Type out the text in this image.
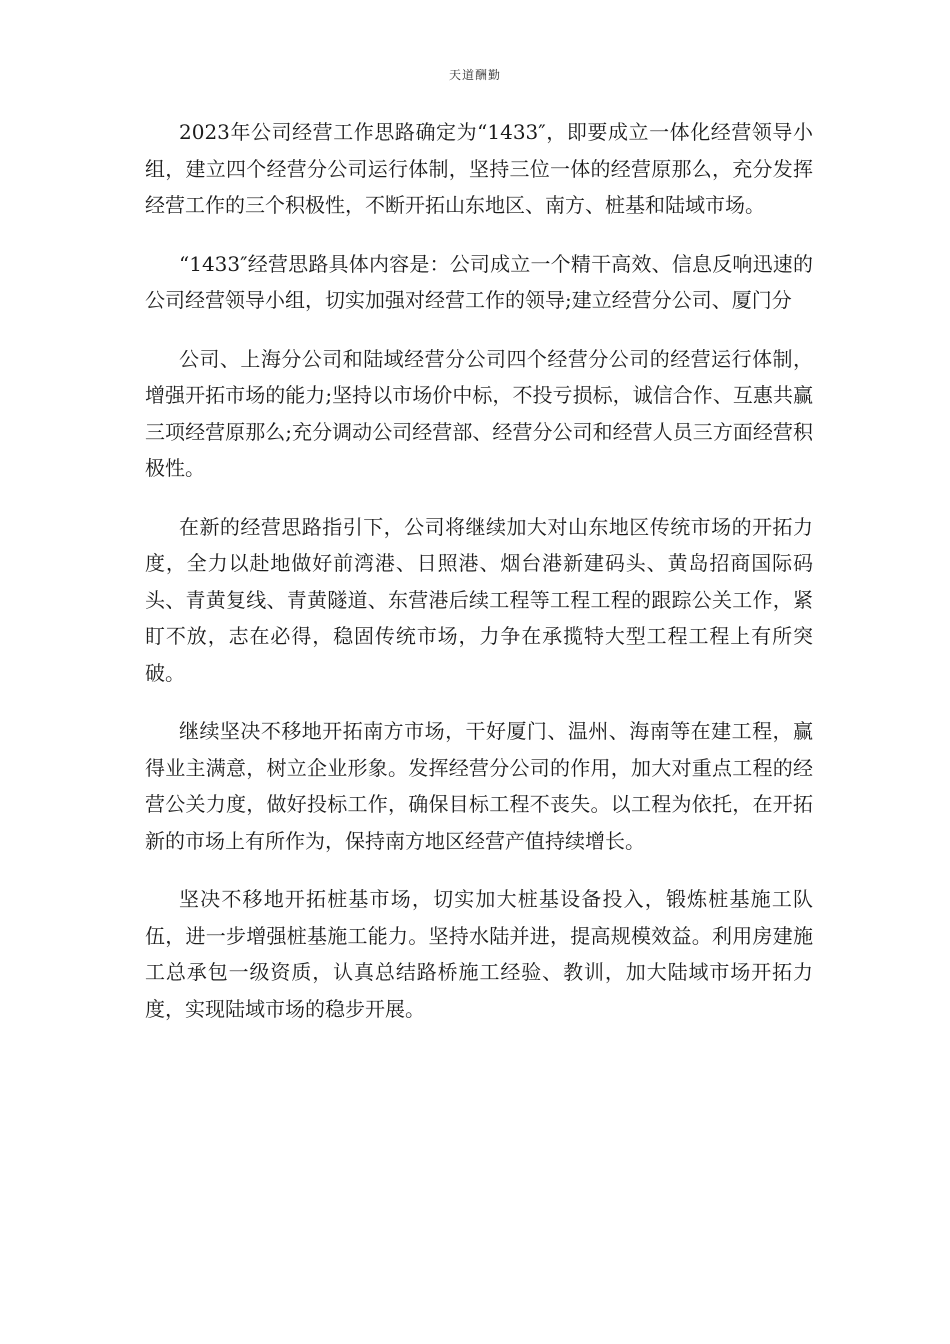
天道酬勤

2023年公司经营工作思路确定为“1433″，即要成立一体化经营领导小组，建立四个经营分公司运行体制，坚持三位一体的经营原那么，充分发挥经营工作的三个积极性，不断开拓山东地区、南方、桩基和陆域市场。

“1433″经营思路具体内容是：公司成立一个精干高效、信息反响迅速的公司经营领导小组，切实加强对经营工作的领导;建立经营分公司、厦门分

公司、上海分公司和陆域经营分公司四个经营分公司的经营运行体制，增强开拓市场的能力;坚持以市场价中标，不投亏损标，诚信合作、互惠共赢三项经营原那么;充分调动公司经营部、经营分公司和经营人员三方面经营积极性。

在新的经营思路指引下，公司将继续加大对山东地区传统市场的开拓力度，全力以赴地做好前湾港、日照港、烟台港新建码头、黄岛招商国际码头、青黄复线、青黄隧道、东营港后续工程等工程工程的跟踪公关工作，紧盯不放，志在必得，稳固传统市场，力争在承揽特大型工程工程上有所突破。

继续坚决不移地开拓南方市场，干好厦门、温州、海南等在建工程，赢得业主满意，树立企业形象。发挥经营分公司的作用，加大对重点工程的经营公关力度，做好投标工作，确保目标工程不丧失。以工程为依托，在开拓新的市场上有所作为，保持南方地区经营产值持续增长。

坚决不移地开拓桩基市场，切实加大桩基设备投入，锻炼桩基施工队伍，进一步增强桩基施工能力。坚持水陆并进，提高规模效益。利用房建施工总承包一级资质，认真总结路桥施工经验、教训，加大陆域市场开拓力度，实现陆域市场的稳步开展。
